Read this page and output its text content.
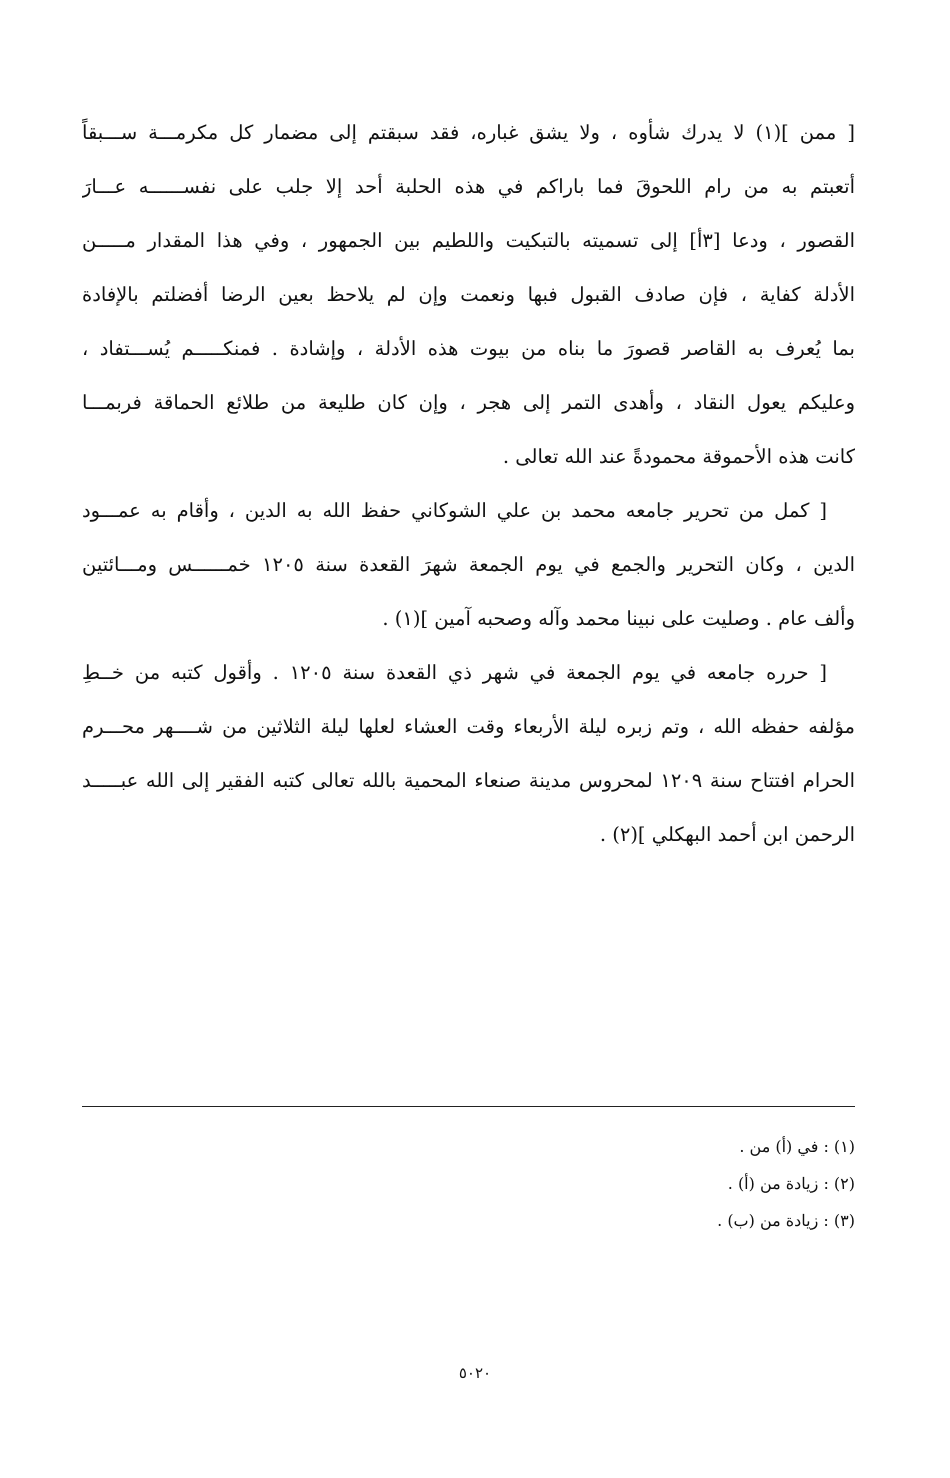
[ ممن ](١) لا يدرك شأوه ، ولا يشق غباره، فقد سبقتم إلى مضمار كل مكرمـــة ســـبقاً
أتعبتم به من رام اللحوقَ فما باراكم في هذه الحلبة أحد إلا جلب على نفســــــه عـــارَ
القصور ، ودعا [٣أ] إلى تسميته بالتبكيت واللطيم بين الجمهور ، وفي هذا المقدار مـــــن
الأدلة كفاية ، فإن صادف القبول فبها ونعمت وإن لم يلاحظ بعين الرضا أفضلتم بالإفادة
بما يُعرف به القاصر قصورَ ما بناه من بيوت هذه الأدلة ، وإشادة . فمنكـــــم يُســـتفاد ،
وعليكم يعول النقاد ، وأهدى التمر إلى هجر ، وإن كان طليعة من طلائع الحماقة فربمـــا
كانت هذه الأحموقة محمودةً عند الله تعالى .
[ كمل من تحرير جامعه محمد بن علي الشوكاني حفظ الله به الدين ، وأقام به عمـــود
الدين ، وكان التحرير والجمع في يوم الجمعة شهرَ القعدة سنة ١٢٠٥ خمــــــس ومـــائتين
وألف عام . وصليت على نبينا محمد وآله وصحبه آمين ](١) .
[ حرره جامعه في يوم الجمعة في شهر ذي القعدة سنة ١٢٠٥ . وأقول كتبه من خــطِ
مؤلفه حفظه الله ، وتم زبره ليلة الأربعاء وقت العشاء لعلها ليلة الثلاثين من شــــهر محـــرم
الحرام افتتاح سنة ١٢٠٩ لمحروس مدينة صنعاء المحمية بالله تعالى كتبه الفقير إلى الله عبـــــد
الرحمن ابن أحمد البهكلي ](٢) .
(١) : في (أ) من .
(٢) : زيادة من (أ) .
(٣) : زيادة من (ب) .
٥٠٢٠
